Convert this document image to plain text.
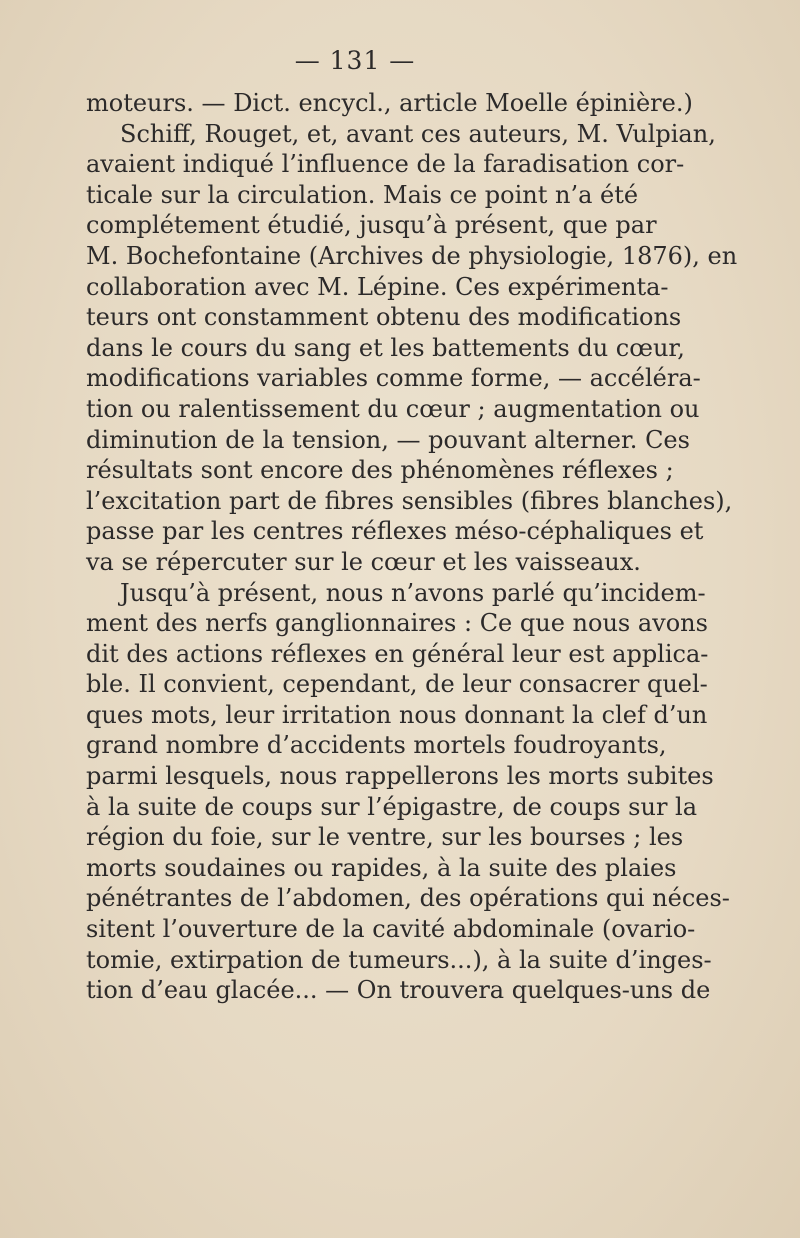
— 131 —
moteurs. — Dict. encycl., article Moelle épinière.)
Schiff, Rouget, et, avant ces auteurs, M. Vulpian,
avaient indiqué l’influence de la faradisation cor-
ticale sur la circulation. Mais ce point n’a été
complétement étudié, jusqu’à présent, que par
M. Bochefontaine (Archives de physiologie, 1876), en
collaboration avec M. Lépine. Ces expérimenta-
teurs ont constamment obtenu des modifications
dans le cours du sang et les battements du cœur,
modifications variables comme forme, — accéléra-
tion ou ralentissement du cœur ; augmentation ou
diminution de la tension, — pouvant alterner. Ces
résultats sont encore des phénomènes réflexes ;
l’excitation part de fibres sensibles (fibres blanches),
passe par les centres réflexes méso-céphaliques et
va se répercuter sur le cœur et les vaisseaux.
Jusqu’à présent, nous n’avons parlé qu’incidem-
ment des nerfs ganglionnaires : Ce que nous avons
dit des actions réflexes en général leur est applica-
ble. Il convient, cependant, de leur consacrer quel-
ques mots, leur irritation nous donnant la clef d’un
grand nombre d’accidents mortels foudroyants,
parmi lesquels, nous rappellerons les morts subites
à la suite de coups sur l’épigastre, de coups sur la
région du foie, sur le ventre, sur les bourses ; les
morts soudaines ou rapides, à la suite des plaies
pénétrantes de l’abdomen, des opérations qui néces-
sitent l’ouverture de la cavité abdominale (ovario-
tomie, extirpation de tumeurs...), à la suite d’inges-
tion d’eau glacée... — On trouvera quelques-uns de
